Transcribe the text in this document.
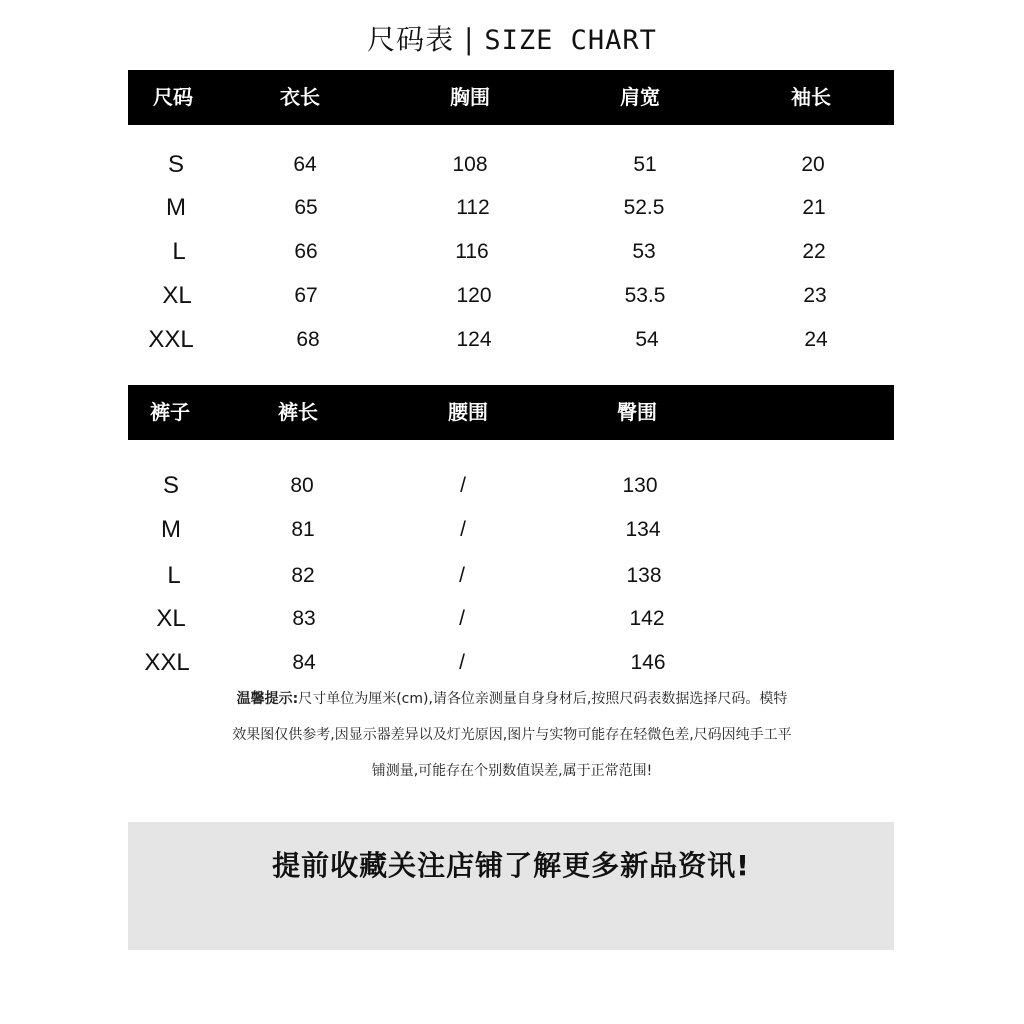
尺码表 | SIZE CHART
尺码	衣长	胸围	肩宽	袖长
S	64	108	51	20
M	65	112	52.5	21
L	66	116	53	22
XL	67	120	53.5	23
XXL	68	124	54	24
裤子	裤长	腰围	臀围
S	80	/	130
M	81	/	134
L	82	/	138
XL	83	/	142
XXL	84	/	146
温馨提示:尺寸单位为厘米(cm),请各位亲测量自身身材后,按照尺码表数据选择尺码。模特
效果图仅供参考,因显示器差异以及灯光原因,图片与实物可能存在轻微色差,尺码因纯手工平
铺测量,可能存在个别数值误差,属于正常范围!
提前收藏关注店铺了解更多新品资讯!
